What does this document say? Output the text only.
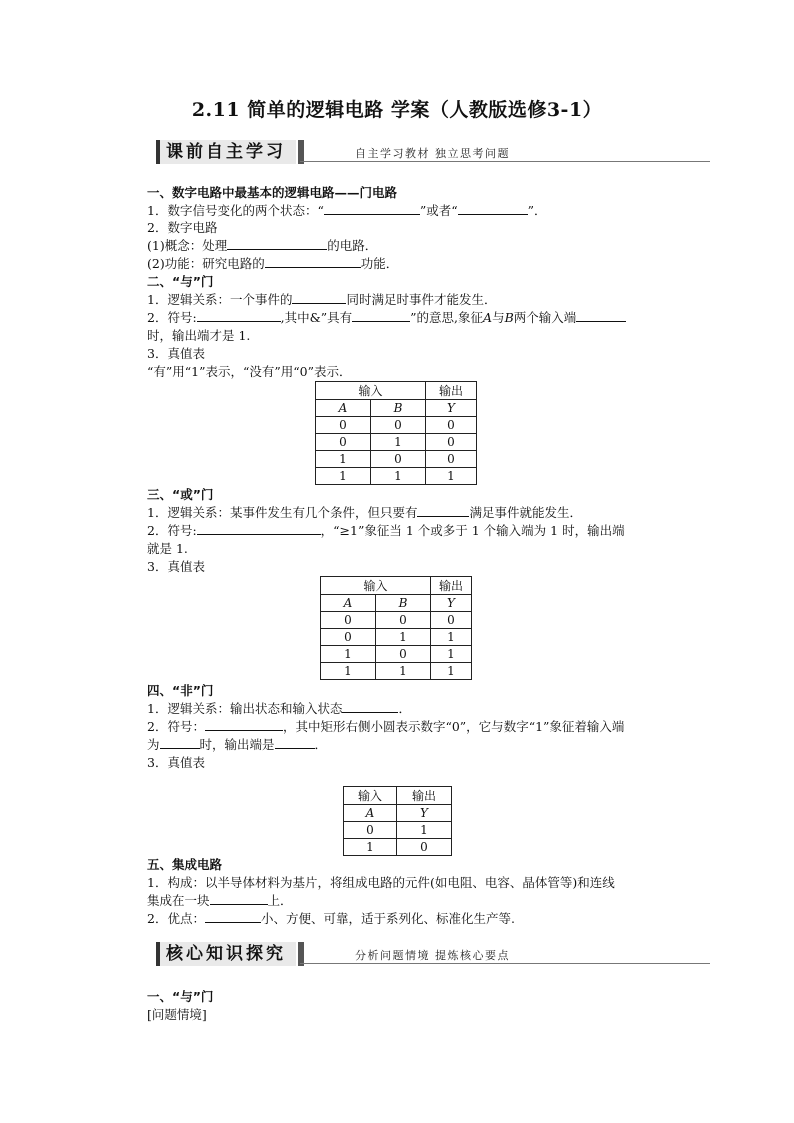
2.11 简单的逻辑电路 学案（人教版选修3-1）
课前自主学习	自主学习教材 独立思考问题
一、数字电路中最基本的逻辑电路——门电路
1．数字信号变化的两个状态：“	”或者“	”．
2．数字电路
(1)概念：处理	的电路．
(2)功能：研究电路的	功能．
二、“与”门
1．逻辑关系：一个事件的	同时满足时事件才能发生．
2．符号:	,其中&”具有	”的意思,象征A与B两个输入端
时，输出端才是 1.
3．真值表
“有”用“1”表示，“没有”用“0”表示．
输入		输出
A	B	Y
0	0	0
0	1	0
1	0	0
1	1	1
三、“或”门
1．逻辑关系：某事件发生有几个条件，但只要有	满足事件就能发生．
2．符号:	，“≥1”象征当 1 个或多于 1 个输入端为 1 时，输出端
就是 1.
3．真值表
输入		输出
A	B	Y
0	0	0
0	1	1
1	0	1
1	1	1
四、“非”门
1．逻辑关系：输出状态和输入状态	．
2．符号：	，其中矩形右侧小圆表示数字“0”，它与数字“1”象征着输入端
为	时，输出端是	．
3．真值表
输入	输出
A	Y
0	1
1	0
五、集成电路
1．构成：以半导体材料为基片，将组成电路的元件(如电阻、电容、晶体管等)和连线
集成在一块	上．
2．优点：	小、方便、可靠，适于系列化、标准化生产等.
核心知识探究	分析问题情境 提炼核心要点
一、“与”门
[问题情境]
